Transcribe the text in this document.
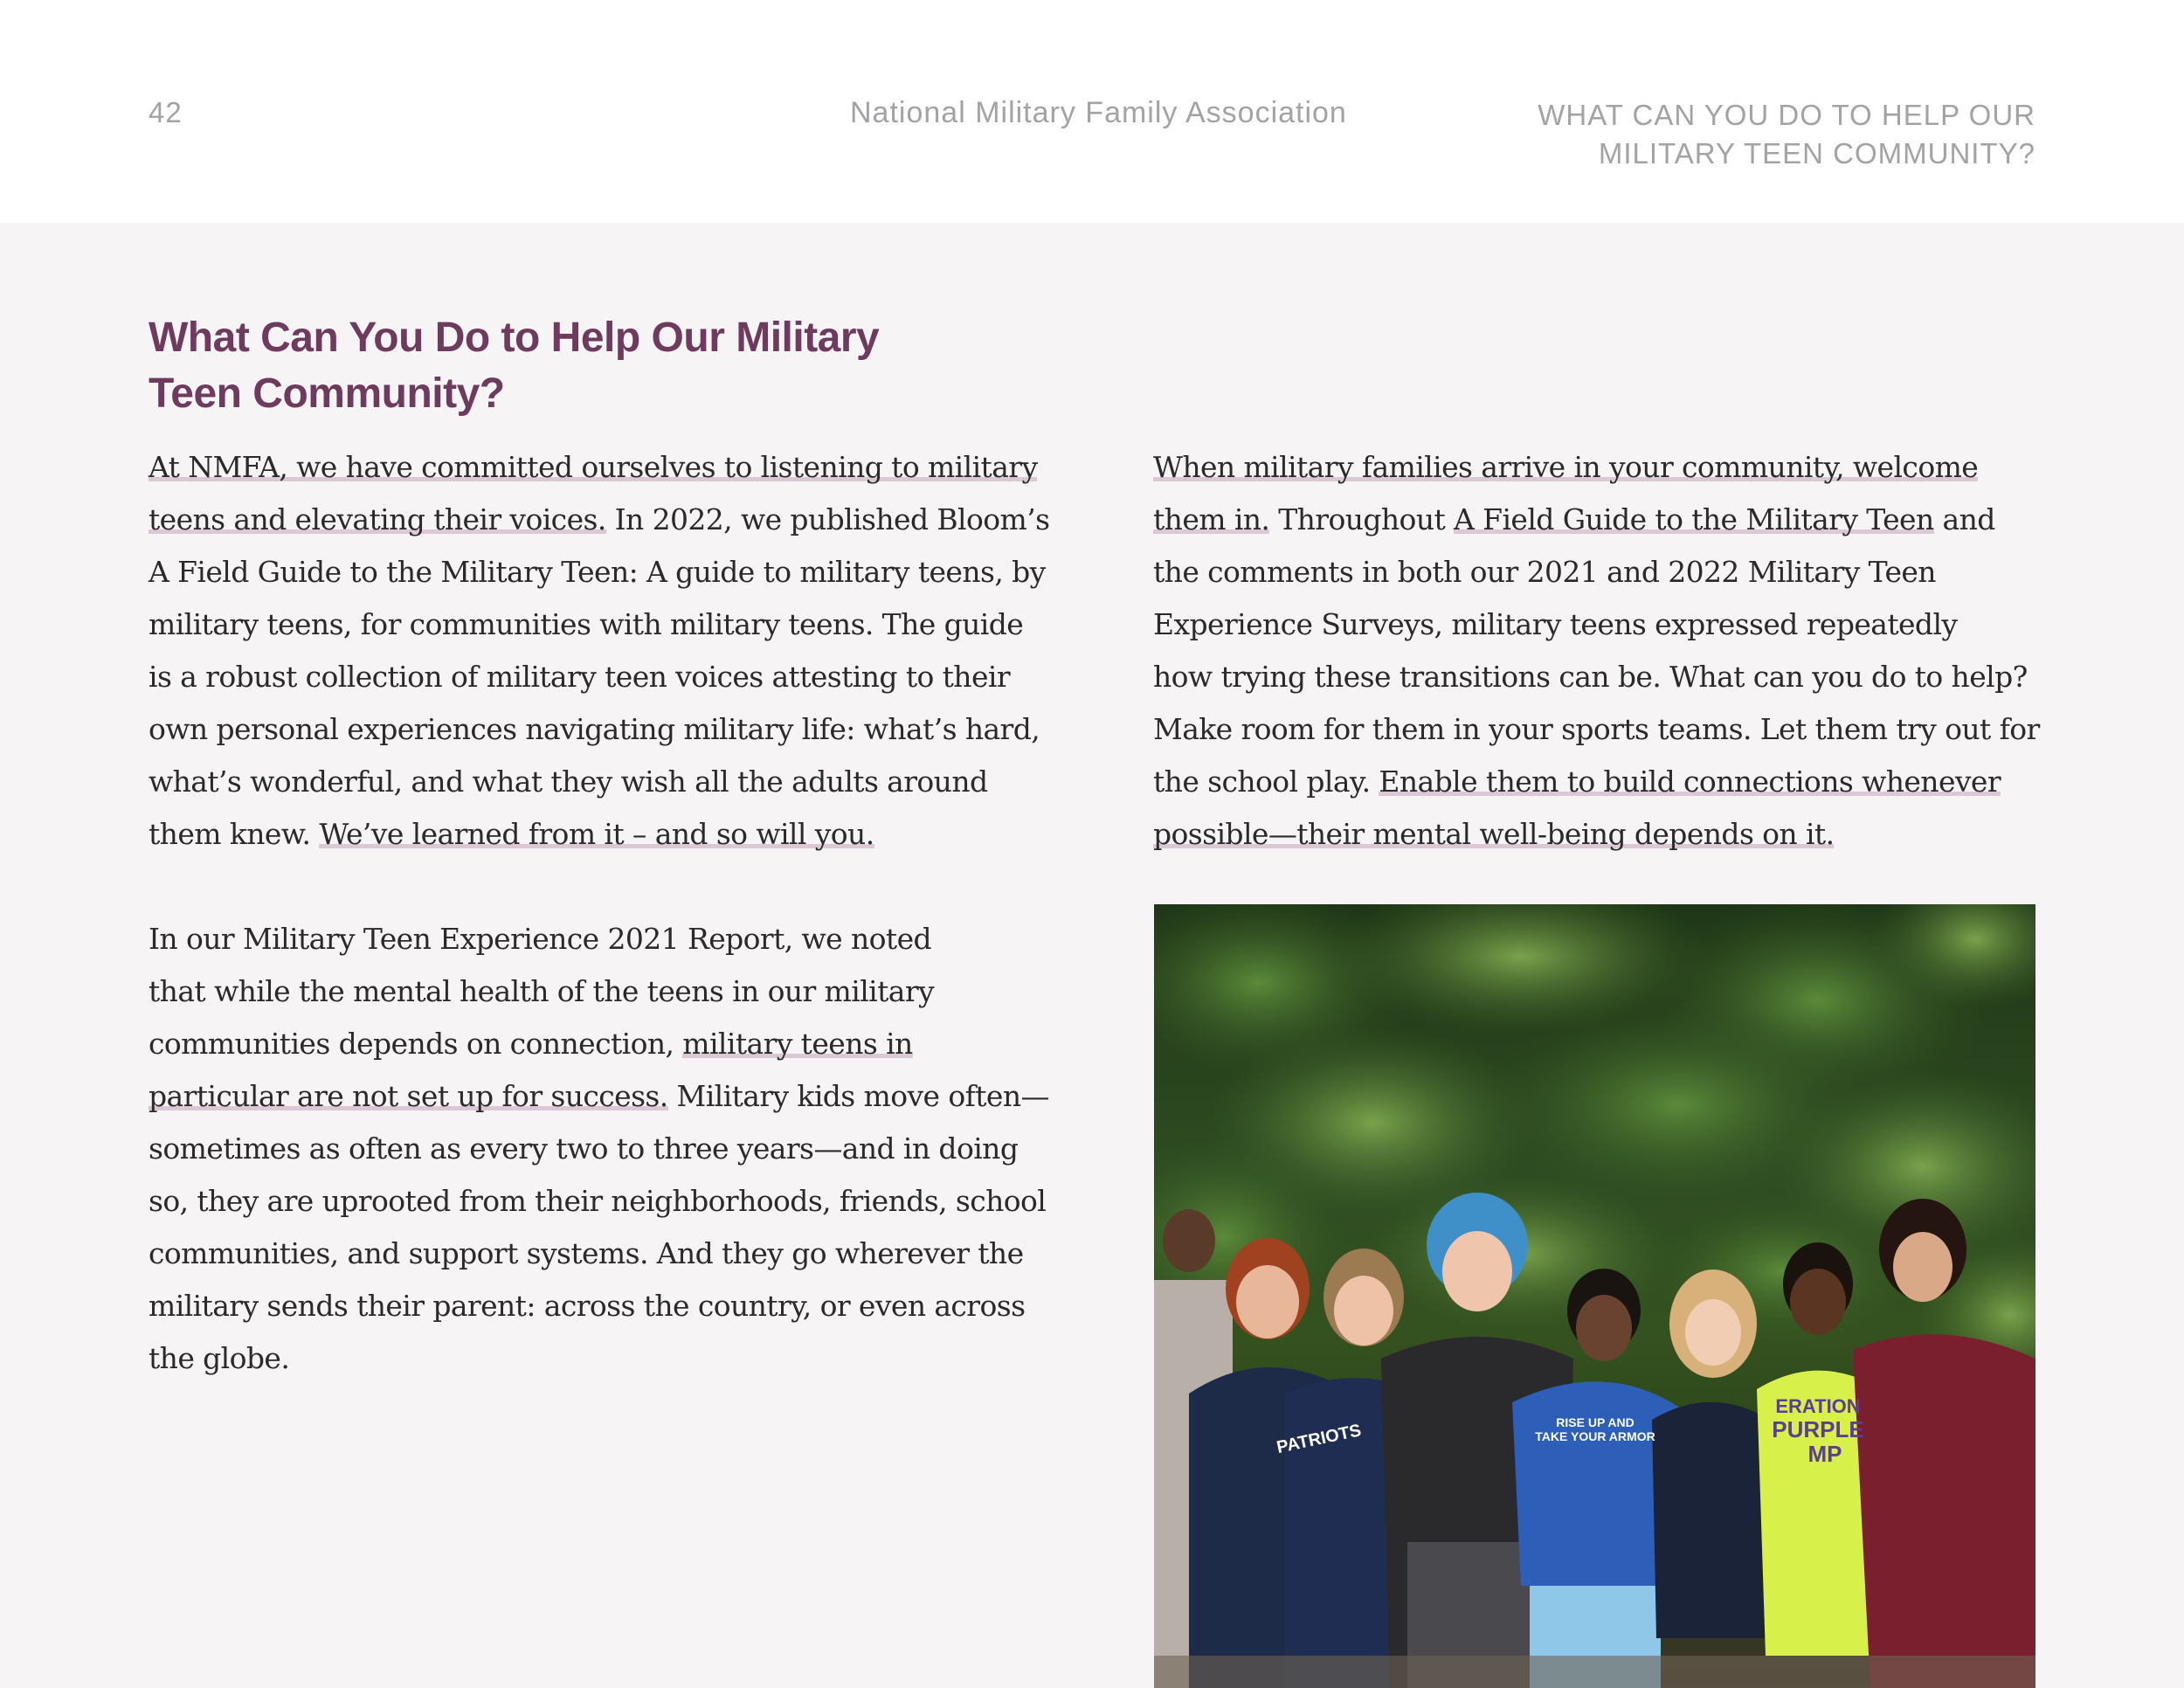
42	National Military Family Association	WHAT CAN YOU DO TO HELP OUR
MILITARY TEEN COMMUNITY?
What Can You Do to Help Our Military
Teen Community?

At NMFA, we have committed ourselves to listening to military
teens and elevating their voices. In 2022, we published Bloom’s
A Field Guide to the Military Teen: A guide to military teens, by
military teens, for communities with military teens. The guide
is a robust collection of military teen voices attesting to their
own personal experiences navigating military life: what’s hard,
what’s wonderful, and what they wish all the adults around
them knew. We’ve learned from it – and so will you.

In our Military Teen Experience 2021 Report, we noted
that while the mental health of the teens in our military
communities depends on connection, military teens in
particular are not set up for success. Military kids move often—
sometimes as often as every two to three years—and in doing
so, they are uprooted from their neighborhoods, friends, school
communities, and support systems. And they go wherever the
military sends their parent: across the country, or even across
the globe.

When military families arrive in your community, welcome
them in. Throughout A Field Guide to the Military Teen and
the comments in both our 2021 and 2022 Military Teen
Experience Surveys, military teens expressed repeatedly
how trying these transitions can be. What can you do to help?
Make room for them in your sports teams. Let them try out for
the school play. Enable them to build connections whenever
possible—their mental well-being depends on it.

PATRIOTS	RISE UP AND
TAKE YOUR ARMOR
ERATION
PURPLE
MP
